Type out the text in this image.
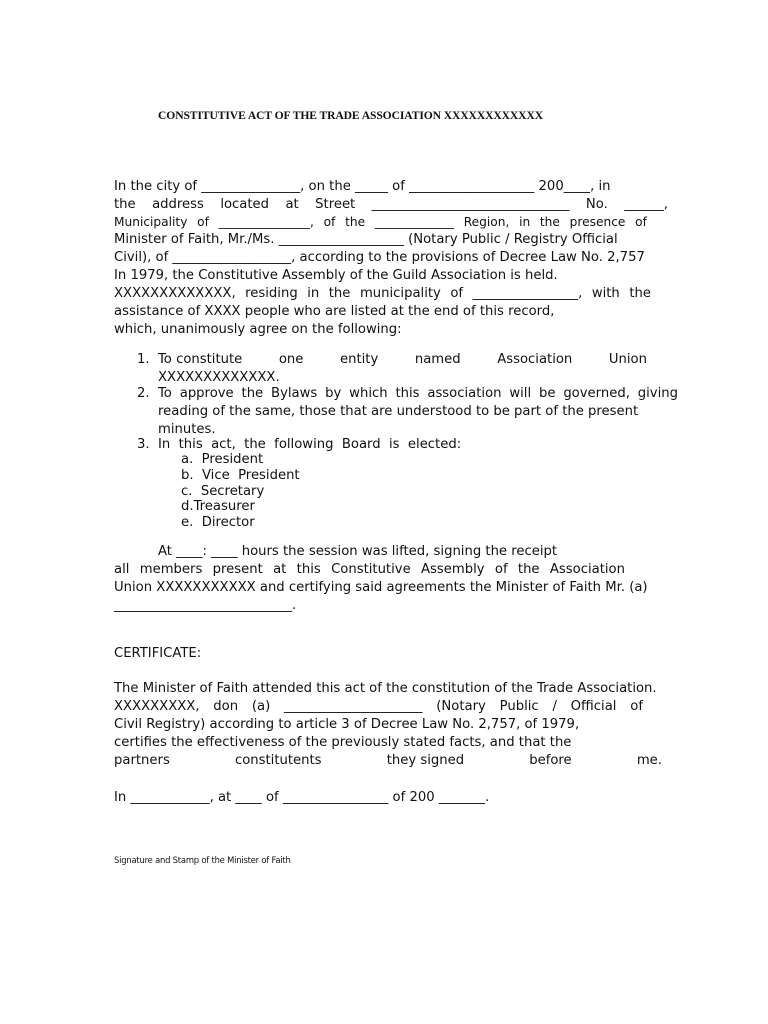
CONSTITUTIVE ACT OF THE TRADE ASSOCIATION XXXXXXXXXXXX
In the city of _______________, on the _____ of ___________________ 200____, in
the address located at Street ______________________________ No. ______,
Municipality of _______________, of the _____________ Region, in the presence of
Minister of Faith, Mr./Ms. ___________________ (Notary Public / Registry Official
Civil), of __________________, according to the provisions of Decree Law No. 2,757
In 1979, the Constitutive Assembly of the Guild Association is held.
XXXXXXXXXXXXX, residing in the municipality of ________________, with the
assistance of XXXX people who are listed at the end of this record,
which, unanimously agree on the following:
1. To constitute	one	entity	named	Association	Union
XXXXXXXXXXXXX.
2. To approve the Bylaws by which this association will be governed, giving
reading of the same, those that are understood to be part of the present
minutes.
3. In  this  act,  the  following  Board  is  elected:
a.  President
b.  Vice  President
c.  Secretary
d.Treasurer
e.  Director
At ____: ____ hours the session was lifted, signing the receipt
all members present at this Constitutive Assembly of the Association
Union XXXXXXXXXXX and certifying said agreements the Minister of Faith Mr. (a)
___________________________.
CERTIFICATE:
The Minister of Faith attended this act of the constitution of the Trade Association.
XXXXXXXXX, don (a) _____________________ (Notary Public / Official of
Civil Registry) according to article 3 of Decree Law No. 2,757, of 1979,
certifies the effectiveness of the previously stated facts, and that the
partners	constitutents	they signed	before	me.
In ____________, at ____ of ________________ of 200 _______.
Signature and Stamp of the Minister of Faith
